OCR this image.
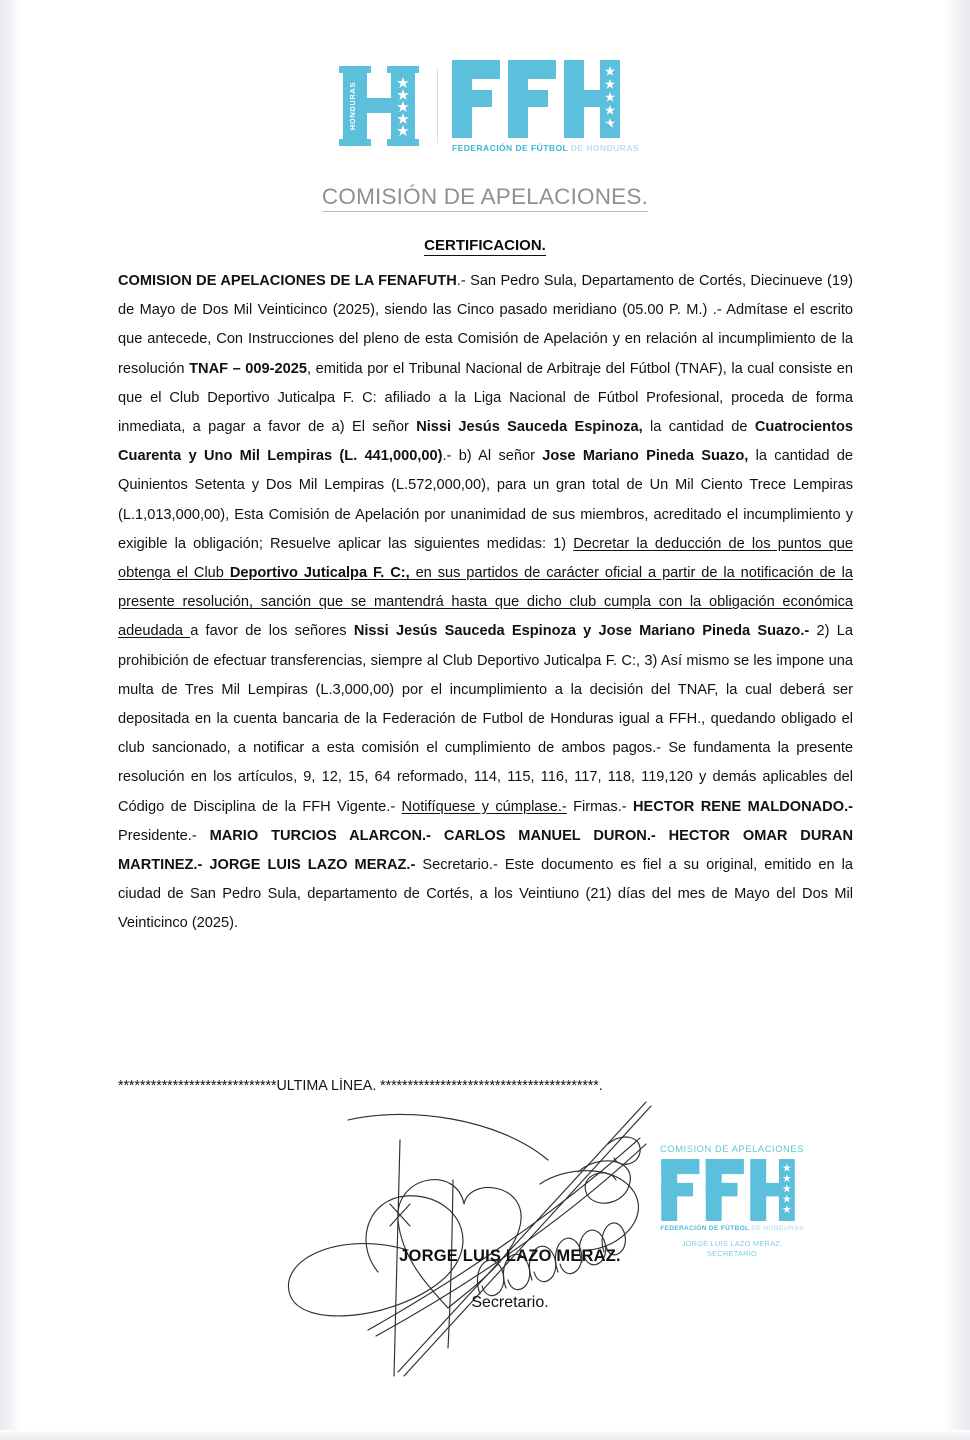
HONDURAS
FEDERACIÓN DE FÚTBOL DE HONDURAS
COMISIÓN DE APELACIONES.
CERTIFICACION.
COMISION DE APELACIONES DE LA FENAFUTH.- San Pedro Sula, Departamento de Cortés, Diecinueve (19) de Mayo de Dos Mil Veinticinco (2025), siendo las Cinco pasado meridiano (05.00 P. M.) .- Admítase el escrito que antecede, Con Instrucciones del pleno de esta Comisión de Apelación y en relación al incumplimiento de la resolución TNAF – 009-2025, emitida por el Tribunal Nacional de Arbitraje del Fútbol (TNAF), la cual consiste en que el Club Deportivo Juticalpa F. C: afiliado a la Liga Nacional de Fútbol Profesional, proceda de forma inmediata, a pagar a favor de a) El señor Nissi Jesús Sauceda Espinoza, la cantidad de Cuatrocientos Cuarenta y Uno Mil Lempiras (L. 441,000,00).- b) Al señor Jose Mariano Pineda Suazo, la cantidad de Quinientos Setenta y Dos Mil Lempiras (L.572,000,00), para un gran total de Un Mil Ciento Trece Lempiras (L.1,013,000,00), Esta Comisión de Apelación por unanimidad de sus miembros, acreditado el incumplimiento y exigible la obligación; Resuelve aplicar las siguientes medidas: 1) Decretar la deducción de los puntos que obtenga el Club Deportivo Juticalpa F. C:, en sus partidos de carácter oficial a partir de la notificación de la presente resolución, sanción que se mantendrá hasta que dicho club cumpla con la obligación económica adeudada a favor de los señores Nissi Jesús Sauceda Espinoza y Jose Mariano Pineda Suazo.- 2) La prohibición de efectuar transferencias, siempre al Club Deportivo Juticalpa F. C:, 3) Así mismo se les impone una multa de Tres Mil Lempiras (L.3,000,00) por el incumplimiento a la decisión del TNAF, la cual deberá ser depositada en la cuenta bancaria de la Federación de Futbol de Honduras igual a FFH., quedando obligado el club sancionado, a notificar a esta comisión el cumplimiento de ambos pagos.- Se fundamenta la presente resolución en los artículos, 9, 12, 15, 64 reformado, 114, 115, 116, 117, 118, 119,120 y demás aplicables del Código de Disciplina de la FFH Vigente.- Notifíquese y cúmplase.- Firmas.- HECTOR RENE MALDONADO.- Presidente.- MARIO TURCIOS ALARCON.- CARLOS MANUEL DURON.- HECTOR OMAR DURAN MARTINEZ.- JORGE LUIS LAZO MERAZ.- Secretario.- Este documento es fiel a su original, emitido en la ciudad de San Pedro Sula, departamento de Cortés, a los Veintiuno (21) días del mes de Mayo del Dos Mil Veinticinco (2025).
*****************************ULTIMA LÍNEA. ****************************************.
JORGE LUIS LAZO MERAZ.
Secretario.
COMISION DE APELACIONES
FEDERACIÓN DE FÚTBOL DE HONDURAS
JORGE LUIS LAZO MERAZ.
SECRETARIO
